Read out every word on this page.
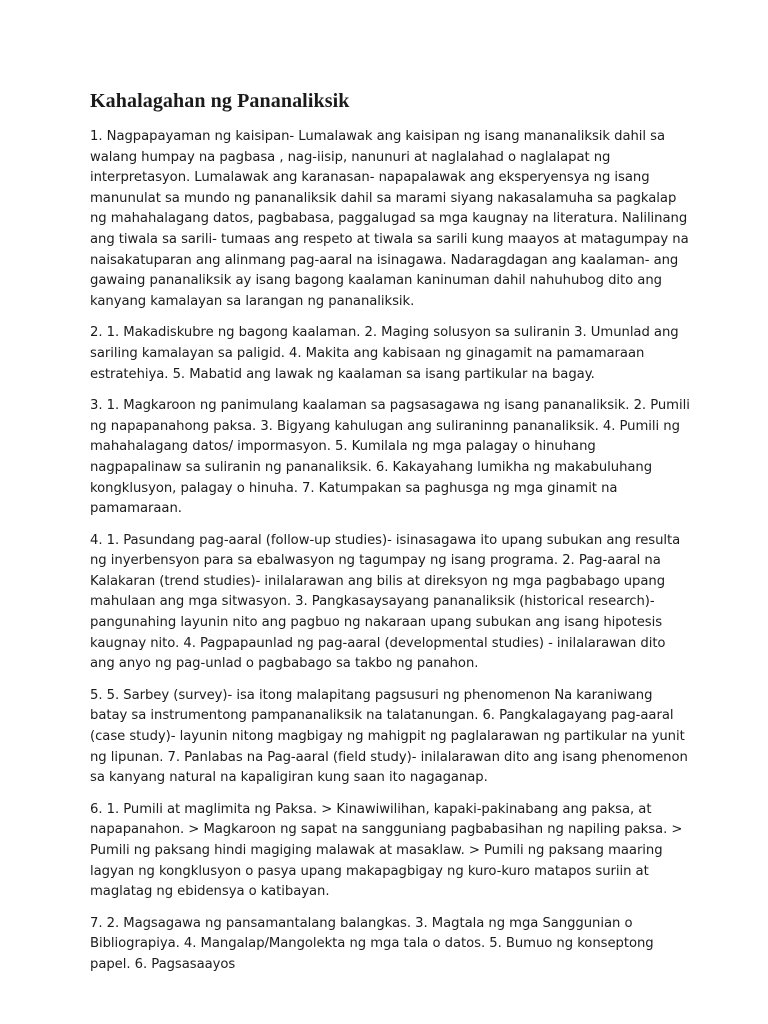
Kahalagahan ng Pananaliksik

1. Nagpapayaman ng kaisipan- Lumalawak ang kaisipan ng isang mananaliksik dahil sa walang humpay na pagbasa , nag-iisip, nanunuri at naglalahad o naglalapat ng interpretasyon. Lumalawak ang karanasan- napapalawak ang eksperyensya ng isang manunulat sa mundo ng pananaliksik dahil sa marami siyang nakasalamuha sa pagkalap ng mahahalagang datos, pagbabasa, paggalugad sa mga kaugnay na literatura. Nalilinang ang tiwala sa sarili- tumaas ang respeto at tiwala sa sarili kung maayos at matagumpay na naisakatuparan ang alinmang pag-aaral na isinagawa. Nadaragdagan ang kaalaman- ang gawaing pananaliksik ay isang bagong kaalaman kaninuman dahil nahuhubog dito ang kanyang kamalayan sa larangan ng pananaliksik.

2. 1. Makadiskubre ng bagong kaalaman. 2. Maging solusyon sa suliranin 3. Umunlad ang sariling kamalayan sa paligid. 4. Makita ang kabisaan ng ginagamit na pamamaraan estratehiya. 5. Mabatid ang lawak ng kaalaman sa isang partikular na bagay.

3. 1. Magkaroon ng panimulang kaalaman sa pagsasagawa ng isang pananaliksik. 2. Pumili ng napapanahong paksa. 3. Bigyang kahulugan ang suliraninng pananaliksik. 4. Pumili ng mahahalagang datos/ impormasyon. 5. Kumilala ng mga palagay o hinuhang nagpapalinaw sa suliranin ng pananaliksik. 6. Kakayahang lumikha ng makabuluhang kongklusyon, palagay o hinuha. 7. Katumpakan sa paghusga ng mga ginamit na pamamaraan.

4. 1. Pasundang pag-aaral (follow-up studies)- isinasagawa ito upang subukan ang resulta ng inyerbensyon para sa ebalwasyon ng tagumpay ng isang programa. 2. Pag-aaral na Kalakaran (trend studies)- inilalarawan ang bilis at direksyon ng mga pagbabago upang mahulaan ang mga sitwasyon. 3. Pangkasaysayang pananaliksik (historical research)- pangunahing layunin nito ang pagbuo ng nakaraan upang subukan ang isang hipotesis kaugnay nito. 4. Pagpapaunlad ng pag-aaral (developmental studies) - inilalarawan dito ang anyo ng pag-unlad o pagbabago sa takbo ng panahon.

5. 5. Sarbey (survey)- isa itong malapitang pagsusuri ng phenomenon Na karaniwang batay sa instrumentong pampananaliksik na talatanungan. 6. Pangkalagayang pag-aaral (case study)- layunin nitong magbigay ng mahigpit ng paglalarawan ng partikular na yunit ng lipunan. 7. Panlabas na Pag-aaral (field study)- inilalarawan dito ang isang phenomenon sa kanyang natural na kapaligiran kung saan ito nagaganap.

6. 1. Pumili at maglimita ng Paksa. > Kinawiwilihan, kapaki-pakinabang ang paksa, at napapanahon. > Magkaroon ng sapat na sangguniang pagbabasihan ng napiling paksa. > Pumili ng paksang hindi magiging malawak at masaklaw. > Pumili ng paksang maaring lagyan ng kongklusyon o pasya upang makapagbigay ng kuro-kuro matapos suriin at maglatag ng ebidensya o katibayan.

7. 2. Magsagawa ng pansamantalang balangkas. 3. Magtala ng mga Sanggunian o Bibliograpiya. 4. Mangalap/Mangolekta ng mga tala o datos. 5. Bumuo ng konseptong papel. 6. Pagsasaayos
